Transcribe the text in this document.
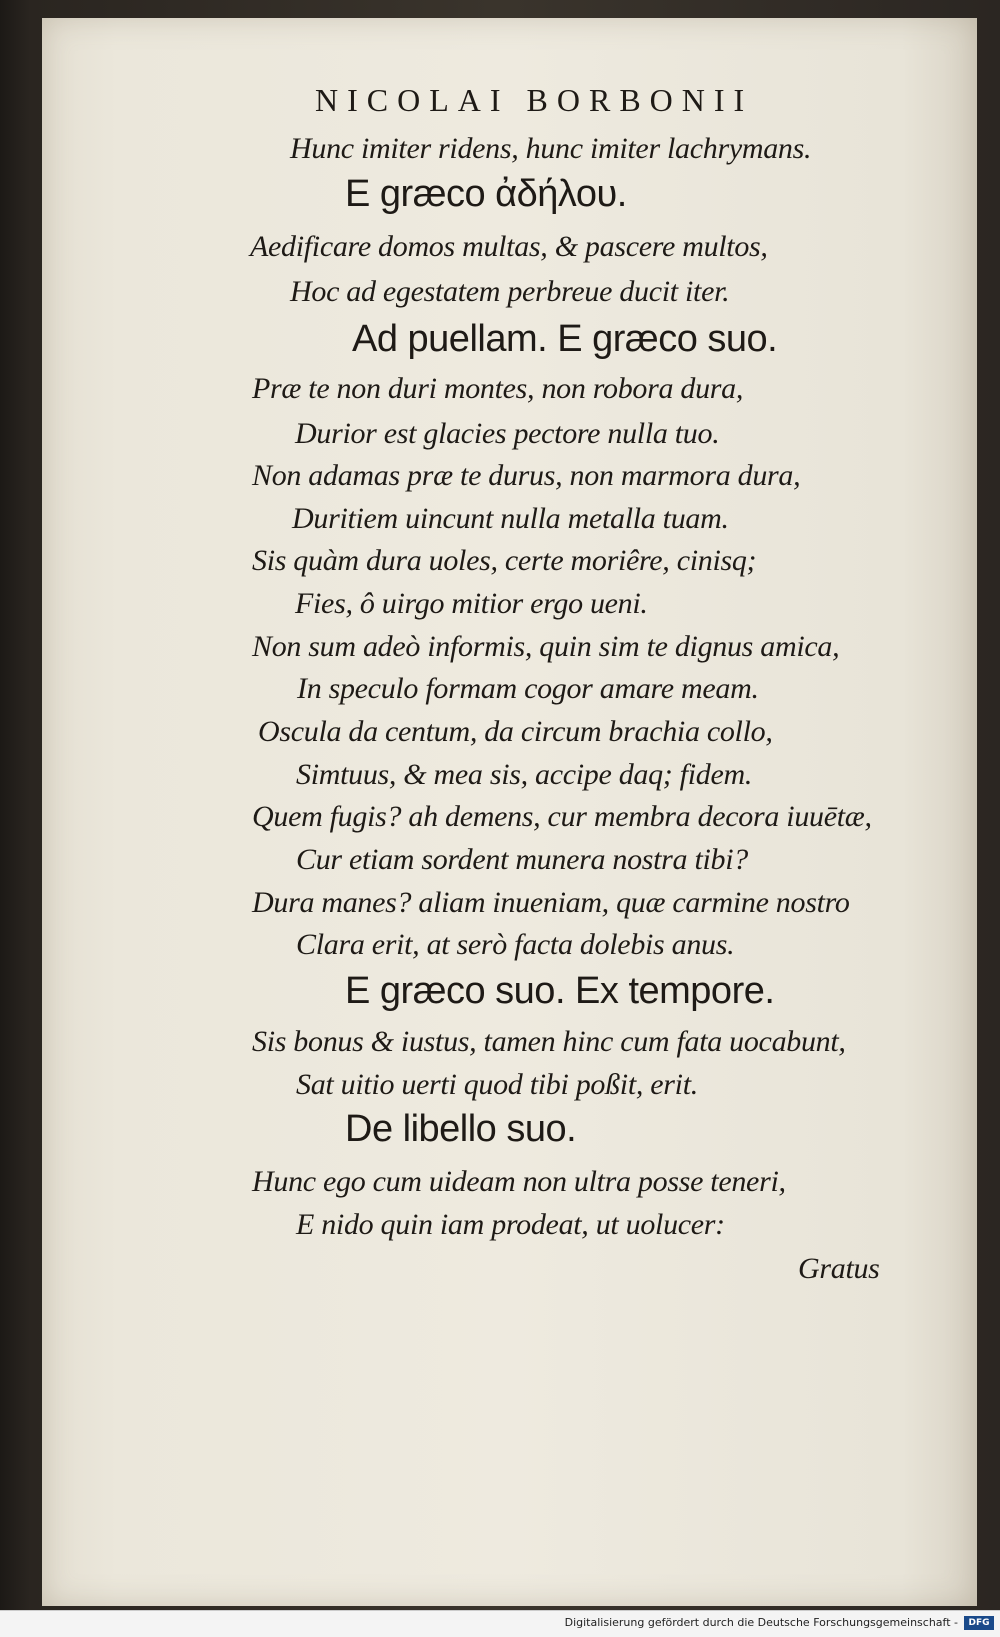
NICOLAI BORBONII
Hunc imiter ridens, hunc imiter lachrymans.
E græco ἀδήλου.
Aedificare domos multas, & pascere multos,
Hoc ad egestatem perbreue ducit iter.
Ad puellam. E græco suo.
Præ te non duri montes, non robora dura,
Durior est glacies pectore nulla tuo.
Non adamas præ te durus, non marmora dura,
Duritiem uincunt nulla metalla tuam.
Sis quàm dura uoles, certe moriêre, cinisq;
Fies, ô uirgo mitior ergo ueni.
Non sum adeò informis, quin sim te dignus amica,
In speculo formam cogor amare meam.
Oscula da centum, da circum brachia collo,
Simtuus, & mea sis, accipe daq; fidem.
Quem fugis? ah demens, cur membra decora iuuētæ,
Cur etiam sordent munera nostra tibi?
Dura manes? aliam inueniam, quæ carmine nostro
Clara erit, at serò facta dolebis anus.
E græco suo. Ex tempore.
Sis bonus & iustus, tamen hinc cum fata uocabunt,
Sat uitio uerti quod tibi poßit, erit.
De libello suo.
Hunc ego cum uideam non ultra posse teneri,
E nido quin iam prodeat, ut uolucer:
Gratus
Digitalisierung gefördert durch die Deutsche Forschungsgemeinschaft -	DFG
